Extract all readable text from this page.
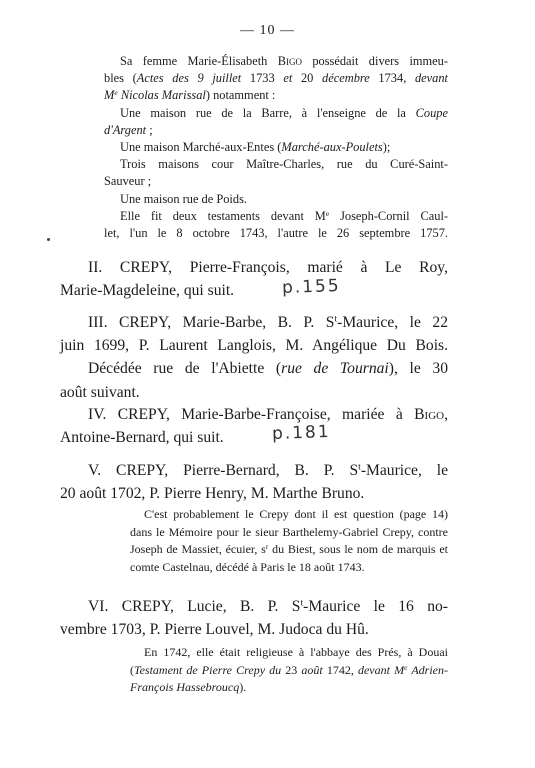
— 10 —

Sa femme Marie-Élisabeth Bigo possédait divers immeu-

bles (Actes des 9 juillet 1733 et 20 décembre 1734, devant

Me Nicolas Marissal) notamment :

Une maison rue de la Barre, à l'enseigne de la Coupe

d'Argent ;

Une maison Marché-aux-Entes (Marché-aux-Poulets);

Trois maisons cour Maître-Charles, rue du Curé-Saint-

Sauveur ;

Une maison rue de Poids.

Elle fit deux testaments devant Me Joseph-Cornil Caul-

let, l'un le 8 octobre 1743, l'autre le 26 septembre 1757.

II. CREPY, Pierre-François, marié à Le Roy,

Marie-Magdeleine, qui suit.	p.155

III. CREPY, Marie-Barbe, B. P. $S^t$-Maurice, le 22

juin 1699, P. Laurent Langlois, M. Angélique Du Bois.

Décédée rue de l'Abiette (rue de Tournai), le 30

août suivant.

IV. CREPY, Marie-Barbe-Françoise, mariée à Bigo,

Antoine-Bernard, qui suit.	p.181

V. CREPY, Pierre-Bernard, B. P. $S^t$-Maurice, le

20 août 1702, P. Pierre Henry, M. Marthe Bruno.

C'est probablement le Crepy dont il est question (page 14) dans le Mémoire pour le sieur Barthelemy-Gabriel Crepy, contre Joseph de Massiet, écuier, $s^r$ du Biest, sous le nom de marquis et comte Castelnau, décédé à Paris le 18 août 1743.

VI. CREPY, Lucie, B. P. $S^t$-Maurice le 16 no-

vembre 1703, P. Pierre Louvel, M. Judoca du Hû.

En 1742, elle était religieuse à l'abbaye des Prés, à Douai (Testament de Pierre Crepy du 23 août 1742, devant Me Adrien-François Hassebroucq).
